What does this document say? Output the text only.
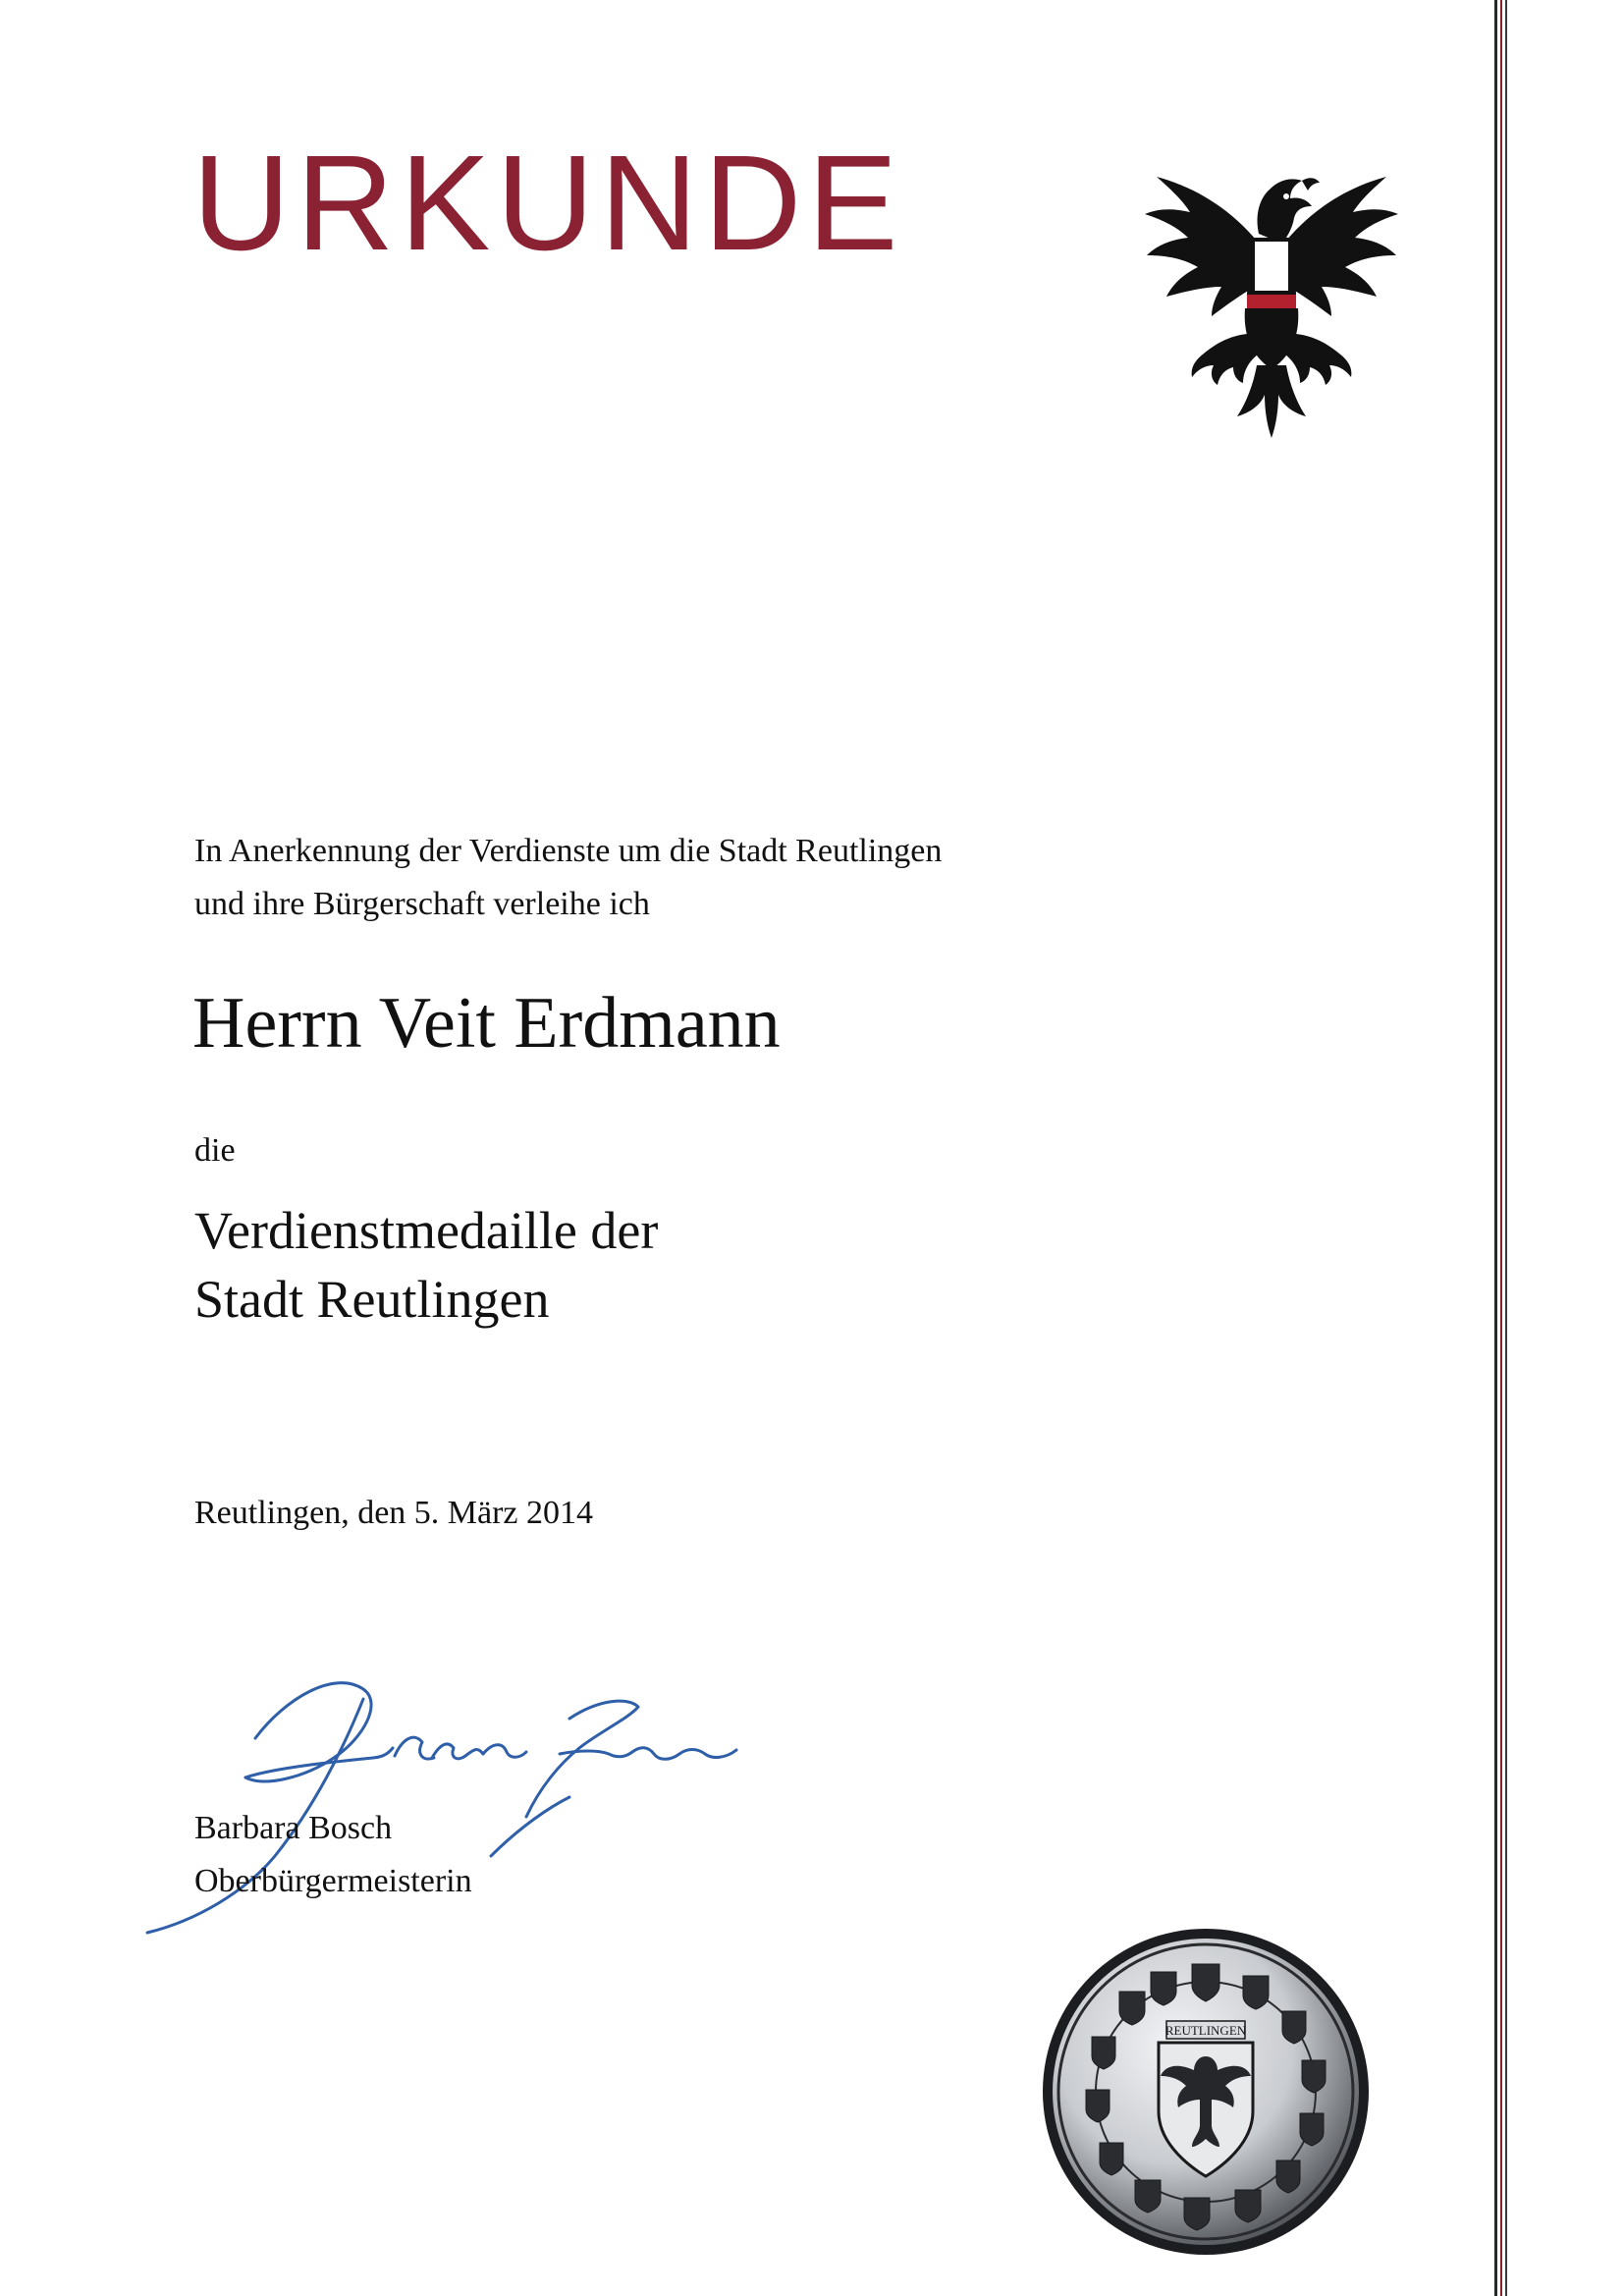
URKUNDE
In Anerkennung der Verdienste um die Stadt Reutlingen
und ihre Bürgerschaft verleihe ich
Herrn Veit Erdmann
die
Verdienstmedaille der
Stadt Reutlingen
Reutlingen, den 5. März 2014
Barbara Bosch
Oberbürgermeisterin
REUTLINGEN
